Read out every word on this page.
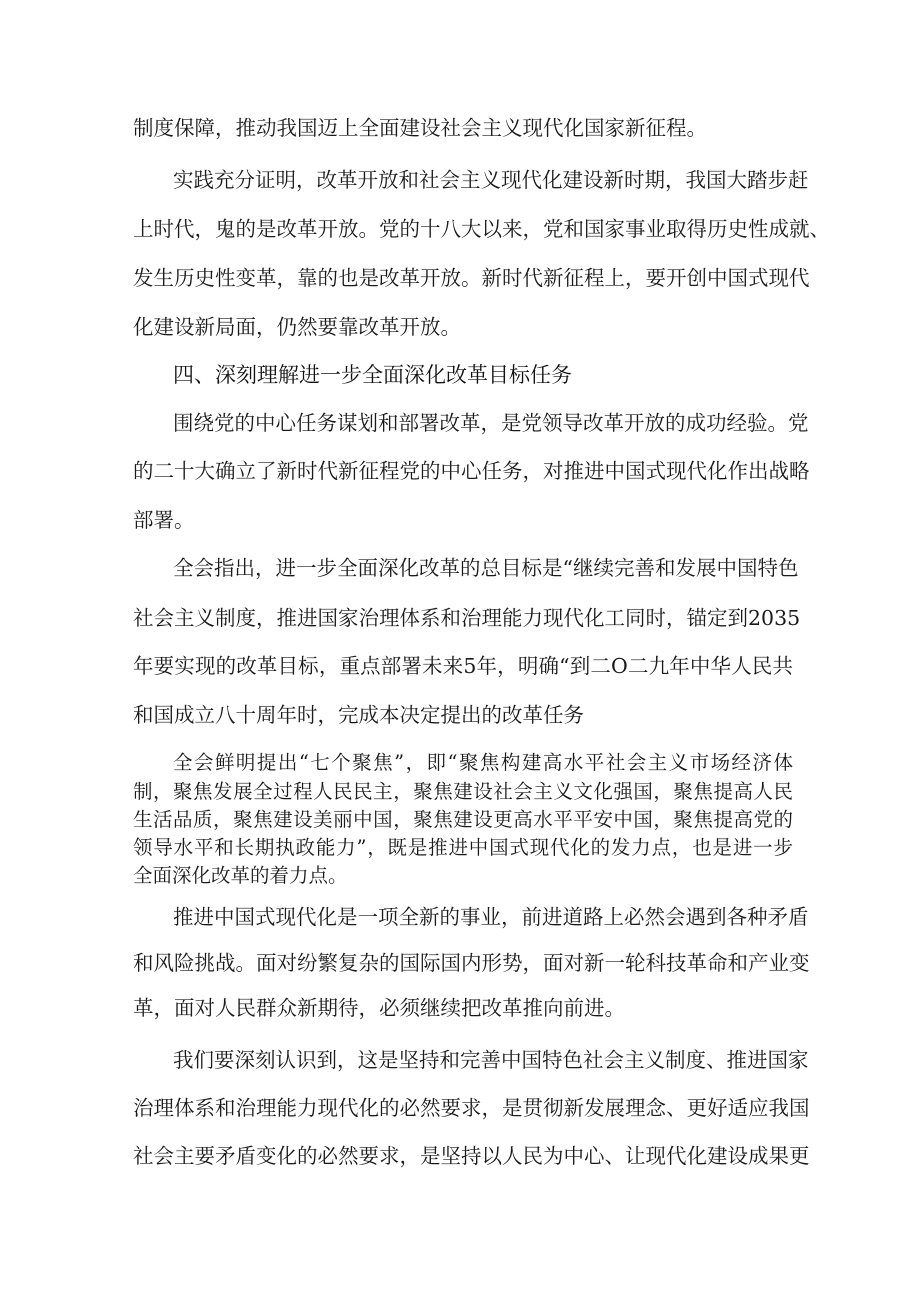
制度保障，推动我国迈上全面建设社会主义现代化国家新征程。
实践充分证明，改革开放和社会主义现代化建设新时期，我国大踏步赶
上时代，鬼的是改革开放。党的十八大以来，党和国家事业取得历史性成就、
发生历史性变革，靠的也是改革开放。新时代新征程上，要开创中国式现代
化建设新局面，仍然要靠改革开放。
四、深刻理解进一步全面深化改革目标任务
围绕党的中心任务谋划和部署改革，是党领导改革开放的成功经验。党
的二十大确立了新时代新征程党的中心任务，对推进中国式现代化作出战略
部署。
全会指出，进一步全面深化改革的总目标是“继续完善和发展中国特色
社会主义制度，推进国家治理体系和治理能力现代化工同时，锚定到2035
年要实现的改革目标，重点部署未来5年，明确“到二O二九年中华人民共
和国成立八十周年时，完成本决定提出的改革任务
全会鲜明提出“七个聚焦”，即“聚焦构建高水平社会主义市场经济体
制，聚焦发展全过程人民民主，聚焦建设社会主义文化强国，聚焦提高人民
生活品质，聚焦建设美丽中国，聚焦建设更高水平平安中国，聚焦提高党的
领导水平和长期执政能力”，既是推进中国式现代化的发力点，也是进一步
全面深化改革的着力点。
推进中国式现代化是一项全新的事业，前进道路上必然会遇到各种矛盾
和风险挑战。面对纷繁复杂的国际国内形势，面对新一轮科技革命和产业变
革，面对人民群众新期待，必须继续把改革推向前进。
我们要深刻认识到，这是坚持和完善中国特色社会主义制度、推进国家
治理体系和治理能力现代化的必然要求，是贯彻新发展理念、更好适应我国
社会主要矛盾变化的必然要求，是坚持以人民为中心、让现代化建设成果更
